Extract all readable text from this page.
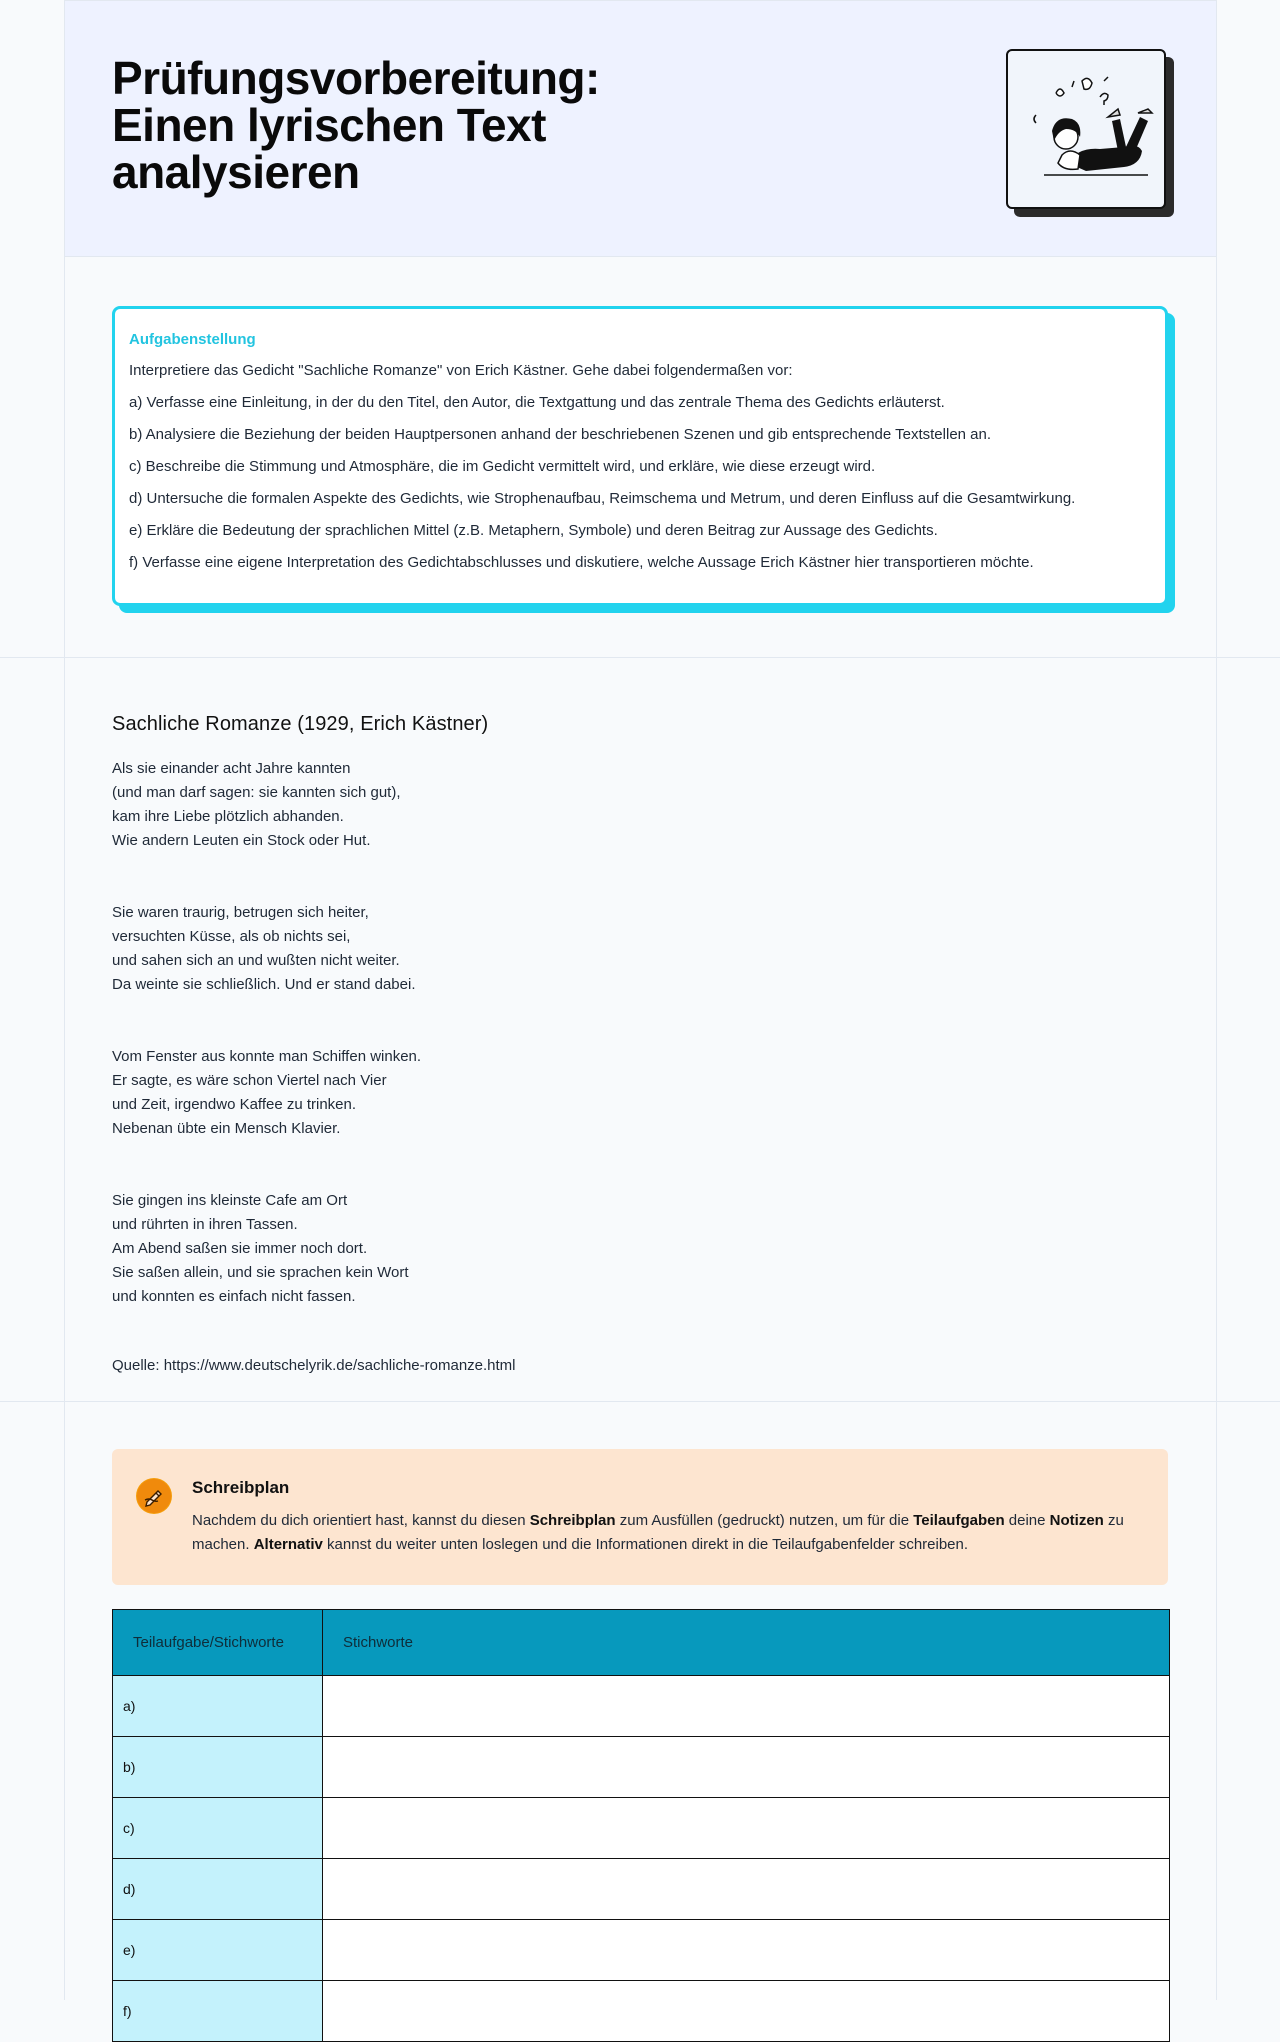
Prüfungsvorbereitung:
Einen lyrischen Text
analysieren
Aufgabenstellung

Interpretiere das Gedicht "Sachliche Romanze" von Erich Kästner. Gehe dabei folgendermaßen vor:

a) Verfasse eine Einleitung, in der du den Titel, den Autor, die Textgattung und das zentrale Thema des Gedichts erläuterst.

b) Analysiere die Beziehung der beiden Hauptpersonen anhand der beschriebenen Szenen und gib entsprechende Textstellen an.

c) Beschreibe die Stimmung und Atmosphäre, die im Gedicht vermittelt wird, und erkläre, wie diese erzeugt wird.

d) Untersuche die formalen Aspekte des Gedichts, wie Strophenaufbau, Reimschema und Metrum, und deren Einfluss auf die Gesamtwirkung.

e) Erkläre die Bedeutung der sprachlichen Mittel (z.B. Metaphern, Symbole) und deren Beitrag zur Aussage des Gedichts.

f) Verfasse eine eigene Interpretation des Gedichtabschlusses und diskutiere, welche Aussage Erich Kästner hier transportieren möchte.

Sachliche Romanze (1929, Erich Kästner)
Als sie einander acht Jahre kannten
(und man darf sagen: sie kannten sich gut),
kam ihre Liebe plötzlich abhanden.
Wie andern Leuten ein Stock oder Hut.
Sie waren traurig, betrugen sich heiter,
versuchten Küsse, als ob nichts sei,
und sahen sich an und wußten nicht weiter.
Da weinte sie schließlich. Und er stand dabei.
Vom Fenster aus konnte man Schiffen winken.
Er sagte, es wäre schon Viertel nach Vier
und Zeit, irgendwo Kaffee zu trinken.
Nebenan übte ein Mensch Klavier.
Sie gingen ins kleinste Cafe am Ort
und rührten in ihren Tassen.
Am Abend saßen sie immer noch dort.
Sie saßen allein, und sie sprachen kein Wort
und konnten es einfach nicht fassen.
Quelle: https://www.deutschelyrik.de/sachliche-romanze.html
Schreibplan
Nachdem du dich orientiert hast, kannst du diesen Schreibplan zum Ausfüllen (gedruckt) nutzen, um für die Teilaufgaben deine Notizen zu machen. Alternativ kannst du weiter unten loslegen und die Informationen direkt in die Teilaufgabenfelder schreiben.
Teilaufgabe/Stichworte	Stichworte
a)	
b)	
c)	
d)	
e)	
f)	
